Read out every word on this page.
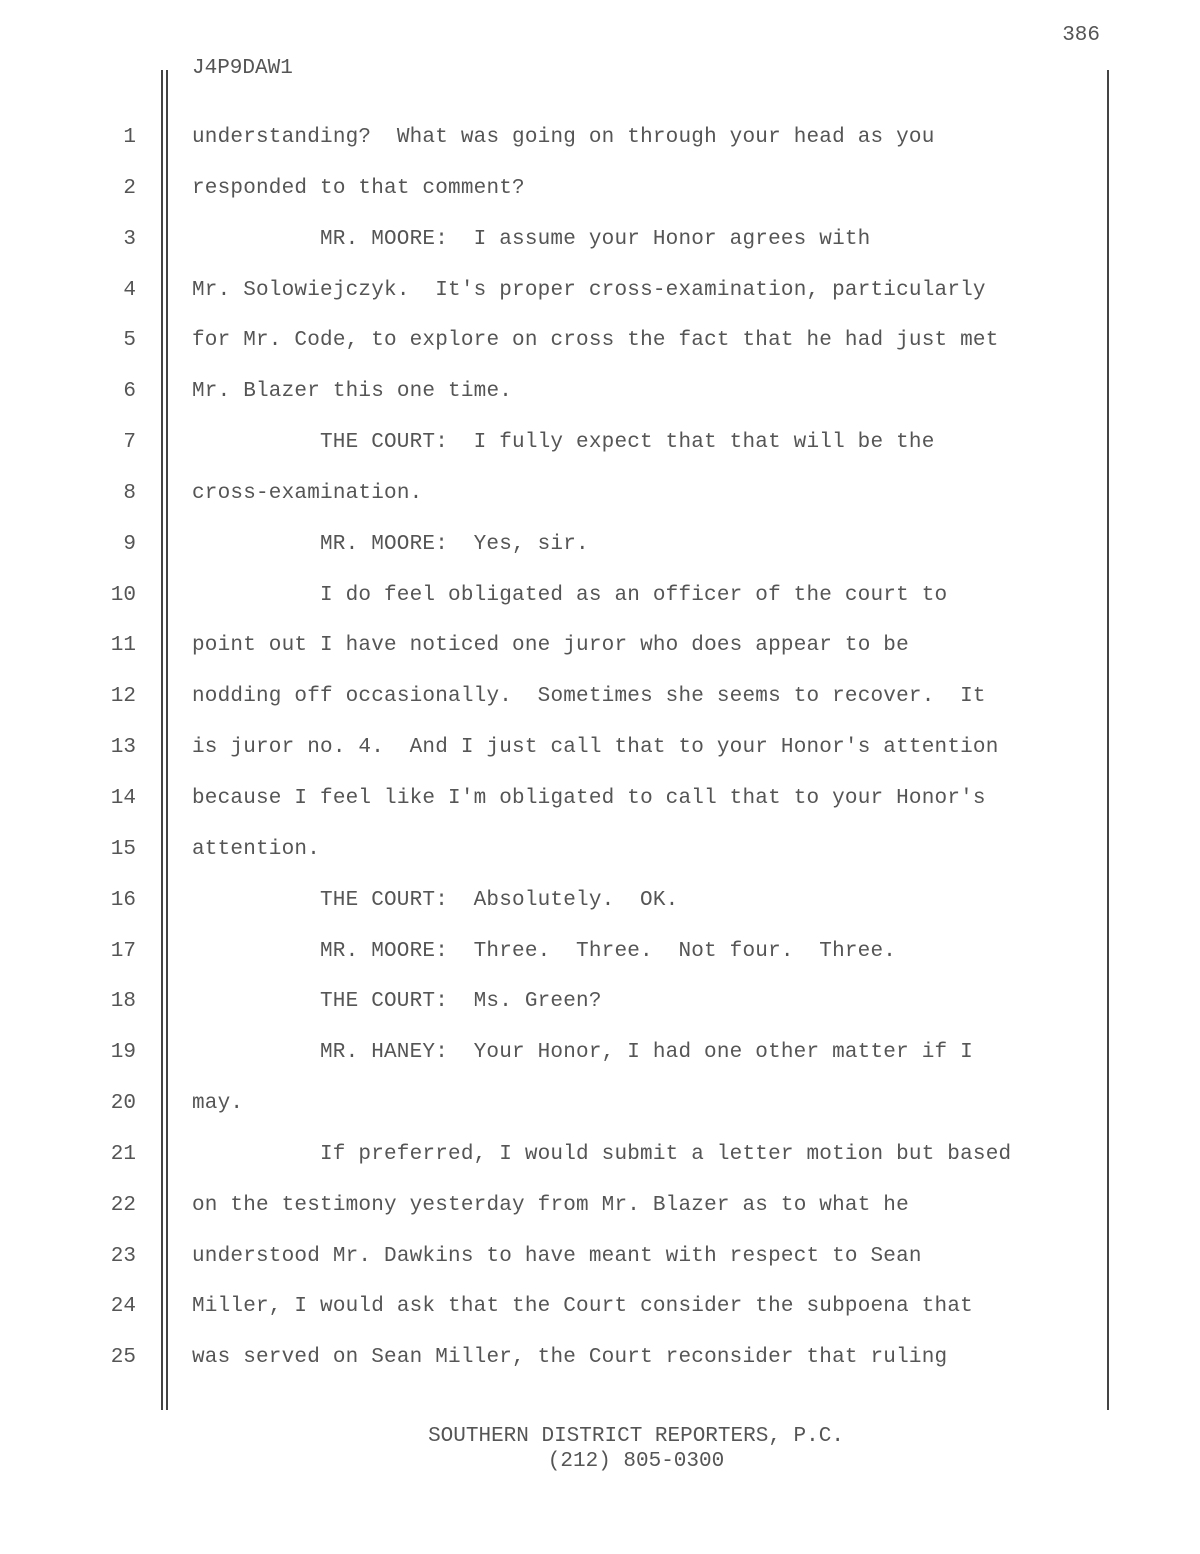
386
J4P9DAW1
1	understanding?  What was going on through your head as you
2	responded to that comment?
3	MR. MOORE:  I assume your Honor agrees with
4	Mr. Solowiejczyk.  It's proper cross-examination, particularly
5	for Mr. Code, to explore on cross the fact that he had just met
6	Mr. Blazer this one time.
7	THE COURT:  I fully expect that that will be the
8	cross-examination.
9	MR. MOORE:  Yes, sir.
10	I do feel obligated as an officer of the court to
11	point out I have noticed one juror who does appear to be
12	nodding off occasionally.  Sometimes she seems to recover.  It
13	is juror no. 4.  And I just call that to your Honor's attention
14	because I feel like I'm obligated to call that to your Honor's
15	attention.
16	THE COURT:  Absolutely.  OK.
17	MR. MOORE:  Three.  Three.  Not four.  Three.
18	THE COURT:  Ms. Green?
19	MR. HANEY:  Your Honor, I had one other matter if I
20	may.
21	If preferred, I would submit a letter motion but based
22	on the testimony yesterday from Mr. Blazer as to what he
23	understood Mr. Dawkins to have meant with respect to Sean
24	Miller, I would ask that the Court consider the subpoena that
25	was served on Sean Miller, the Court reconsider that ruling
SOUTHERN DISTRICT REPORTERS, P.C.
(212) 805-0300
